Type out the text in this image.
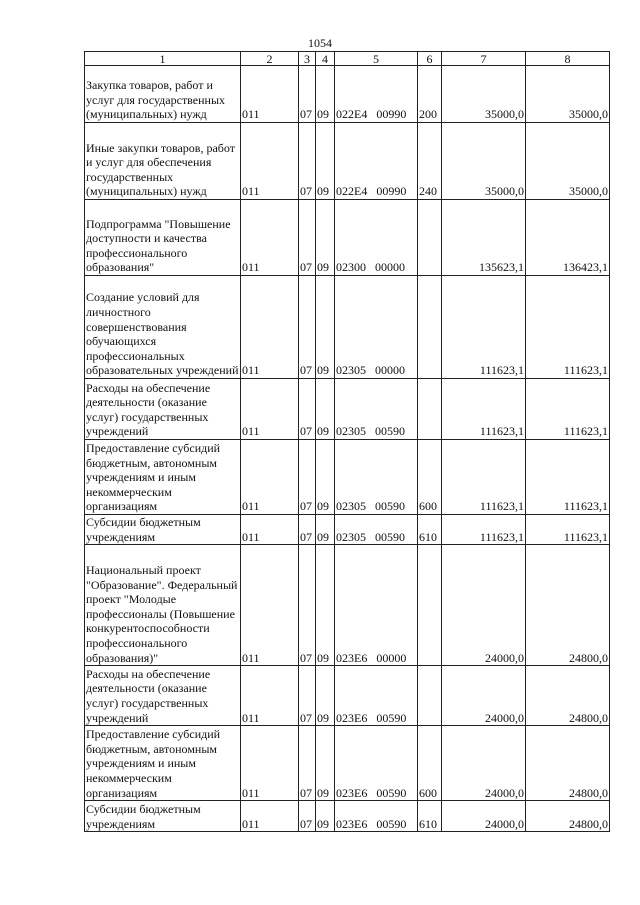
1054
1	2	3	4	5	6	7	8
Закупка товаров, работ и услуг для государственных (муниципальных) нужд	011	07	09	022Е4 00990	200	35000,0	35000,0
Иные закупки товаров, работ и услуг для обеспечения государственных (муниципальных) нужд	011	07	09	022Е4 00990	240	35000,0	35000,0
Подпрограмма "Повышение доступности и качества профессионального образования"	011	07	09	02300 00000		135623,1	136423,1
Создание условий для личностного совершенствования обучающихся профессиональных образовательных учреждений	011	07	09	02305 00000		111623,1	111623,1
Расходы на обеспечение деятельности (оказание услуг) государственных учреждений	011	07	09	02305 00590		111623,1	111623,1
Предоставление субсидий бюджетным, автономным учреждениям и иным некоммерческим организациям	011	07	09	02305 00590	600	111623,1	111623,1
Субсидии бюджетным учреждениям	011	07	09	02305 00590	610	111623,1	111623,1
Национальный проект "Образование". Федеральный проект "Молодые профессионалы (Повышение конкурентоспособности профессионального образования)"	011	07	09	023Е6 00000		24000,0	24800,0
Расходы на обеспечение деятельности (оказание услуг) государственных учреждений	011	07	09	023Е6 00590		24000,0	24800,0
Предоставление субсидий бюджетным, автономным учреждениям и иным некоммерческим организациям	011	07	09	023Е6 00590	600	24000,0	24800,0
Субсидии бюджетным учреждениям	011	07	09	023Е6 00590	610	24000,0	24800,0
